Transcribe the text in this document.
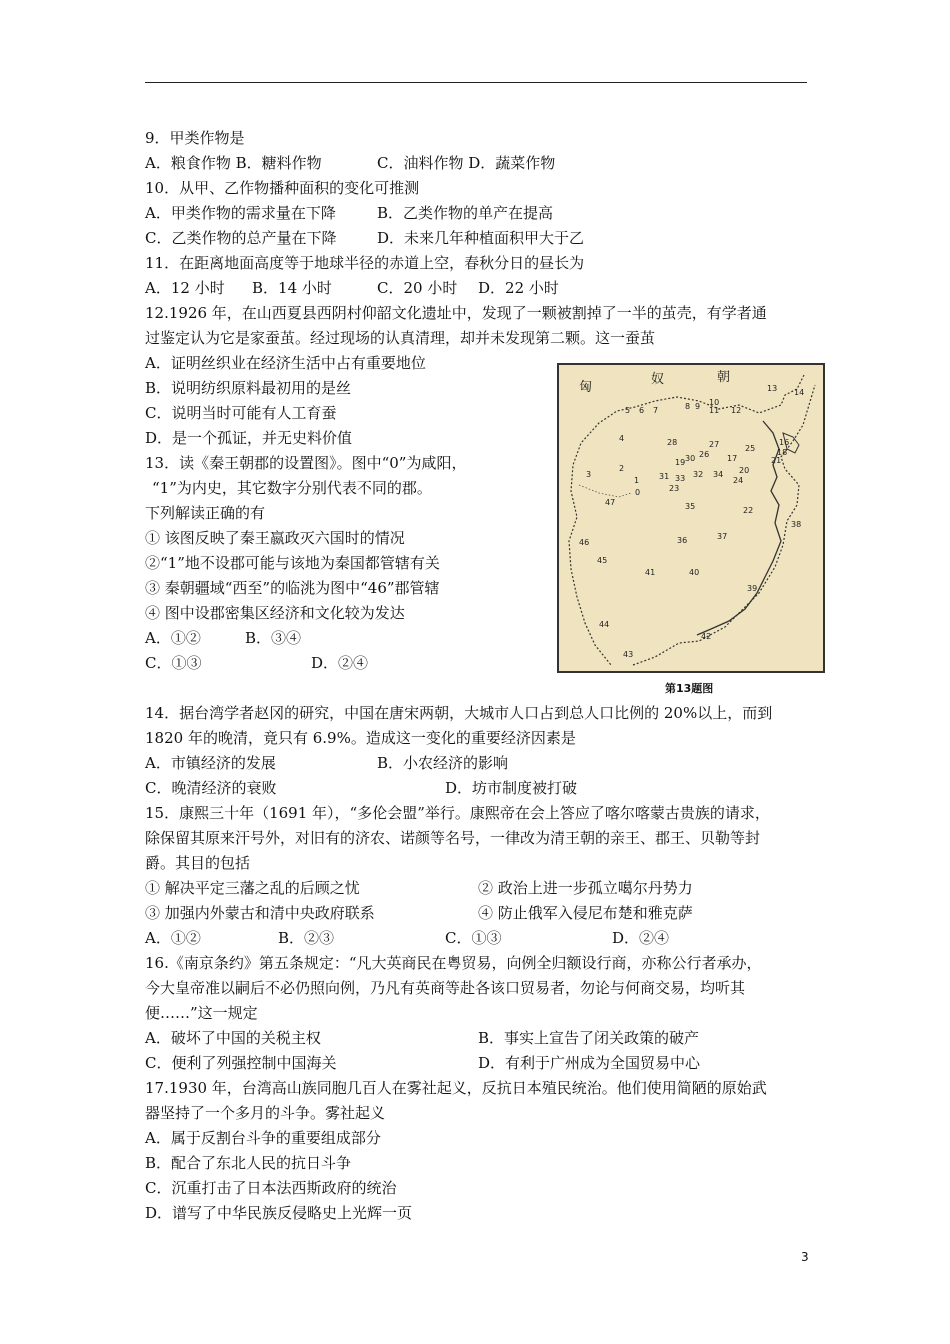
9．甲类作物是
A．粮食作物 B．糖料作物	C．油料作物 D．蔬菜作物
10．从甲、乙作物播种面积的变化可推测
A．甲类作物的需求量在下降	B．乙类作物的单产在提高
C．乙类作物的总产量在下降	D．未来几年种植面积甲大于乙
11．在距离地面高度等于地球半径的赤道上空，春秋分日的昼长为
A．12 小时 B．14 小时	C．20 小时 D．22 小时
12.1926 年，在山西夏县西阴村仰韶文化遗址中，发现了一颗被割掉了一半的茧壳，有学者通
过鉴定认为它是家蚕茧。经过现场的认真清理，却并未发现第二颗。这一蚕茧
A．证明丝织业在经济生活中占有重要地位
B．说明纺织原料最初用的是丝
C．说明当时可能有人工育蚕
D．是一个孤证，并无史料价值
13．读《秦王朝郡的设置图》。图中“0”为咸阳，
“1”为内史，其它数字分别代表不同的郡。
下列解读正确的有
① 该图反映了秦王嬴政灭六国时的情况
②“1”地不设郡可能与该地为秦国都管辖有关
③ 秦朝疆域“西至”的临洮为图中“46”郡管辖
④ 图中设郡密集区经济和文化较为发达
A．①②	B．③④
C．①③	D．②④
匈
奴	朝
13 14
5 6 7	8 9 10
11 12
4	28	27	16
18
26
30
25
19	17
2	20
21
1 31 33 32 34
23
0
24
3
47	35	22
38
46	36	37
45
41	40
39
44
42
43
第13题图
14．据台湾学者赵冈的研究，中国在唐宋两朝，大城市人口占到总人口比例的 20%以上，而到
1820 年的晚清，竟只有 6.9%。造成这一变化的重要经济因素是
A．市镇经济的发展	B．小农经济的影响
C．晚清经济的衰败	D．坊市制度被打破
15．康熙三十年（1691 年），“多伦会盟”举行。康熙帝在会上答应了喀尔喀蒙古贵族的请求，
除保留其原来汗号外，对旧有的济农、诺颜等名号，一律改为清王朝的亲王、郡王、贝勒等封
爵。其目的包括
① 解决平定三藩之乱的后顾之忧	② 政治上进一步孤立噶尔丹势力
③ 加强内外蒙古和清中央政府联系	④ 防止俄军入侵尼布楚和雅克萨
A．①②	B．②③	C．①③	D．②④
16.《南京条约》第五条规定：“凡大英商民在粤贸易，向例全归额设行商，亦称公行者承办，
今大皇帝准以嗣后不必仍照向例，乃凡有英商等赴各该口贸易者，勿论与何商交易，均听其
便……”这一规定
A．破坏了中国的关税主权	B．事实上宣告了闭关政策的破产
C．便利了列强控制中国海关	D．有利于广州成为全国贸易中心
17.1930 年，台湾高山族同胞几百人在雾社起义，反抗日本殖民统治。他们使用简陋的原始武
器坚持了一个多月的斗争。雾社起义
A．属于反割台斗争的重要组成部分
B．配合了东北人民的抗日斗争
C．沉重打击了日本法西斯政府的统治
D．谱写了中华民族反侵略史上光辉一页
3
